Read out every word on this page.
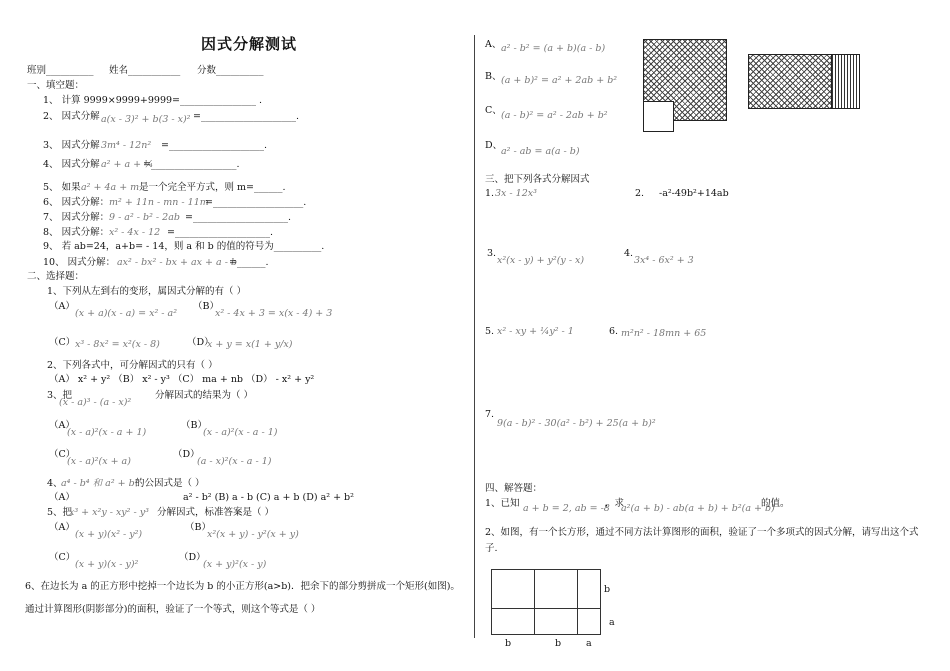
因式分解测试
班别__________ 姓名___________ 分数__________
一、填空题：
1、 计算 9999×9999+9999=________________ .
2、 因式分解 a(x - 3)² + b(3 - x)² =____________________.
3、 因式分解 3m⁴ - 12n² =____________________.
4、 因式分解 a² + a + ¼
=__________________.
5、 如果 a² + 4a + m 是一个完全平方式，则 m=______.
6、 因式分解： m² + 11n - mn - 11m
=___________________.
7、 因式分解： 9 - a² - b² - 2ab =____________________.
8、 因式分解： x² - 4x - 12 =____________________.
9、 若 ab=24，a+b= - 14，则 a 和 b 的值的符号为__________.
10、 因式分解： ax² - bx² - bx + ax + a - b
=______.
二、选择题：
1、下列从左到右的变形，属因式分解的有（ ）
（A）
(x + a)(x - a) = x² - a²
（B）
x² - 4x + 3 = x(x - 4) + 3
（C） x³ - 8x² = x²(x - 8)	（D）
x + y = x(1 + y/x)
2、下列各式中，可分解因式的只有（ ）
（A） x² + y² （B） x² - y³ （C） ma + nb （D） - x² + y²
3、把
(x - a)³ - (a - x)²
分解因式的结果为（ ）
（A）
(x - a)²(x - a + 1)
（B）
(x - a)²(x - a - 1)
（C）
(x - a)²(x + a)
（D）
(a - x)²(x - a - 1)
4、
a⁴ - b⁴ 和 a² + b²
的公因式是（ ）
（A）	a² - b² (B) a - b (C) a + b (D) a² + b²
5、把
x³ + x²y - xy² - y³ 分解因式，标准答案是（ ）
（A）
(x + y)(x² - y²)
（B）
x²(x + y) - y²(x + y)
（C）
(x + y)(x - y)²
（D）
(x + y)²(x - y)
6、在边长为 a 的正方形中挖掉一个边长为 b 的小正方形(a>b)．把余下的部分剪拼成一个矩形(如图)。
通过计算图形(阴影部分)的面积，验证了一个等式，则这个等式是（ ）
A、 a² - b² = (a + b)(a - b)
B、 (a + b)² = a² + 2ab + b²
C、 (a - b)² = a² - 2ab + b²
D、
a² - ab = a(a - b)
三、把下列各式分解因式
1. 3x - 12x³	2. -a²-49b²+14ab
3.
x²(x - y) + y²(y - x)
4.
3x⁴ - 6x² + 3
5. x² - xy + ¼y² - 1	6. m²n² - 18mn + 65
7.
9(a - b)² - 30(a² - b²) + 25(a + b)²
四、解答题：
1、已知 a + b = 2, ab = -8
，求
a²(a + b) - ab(a + b) + b²(a + b)
的值。
2、如图，有一个长方形，通过不同方法计算图形的面积，验证了一个多项式的因式分解，请写出这个式
子.
b
a
b	b	a
